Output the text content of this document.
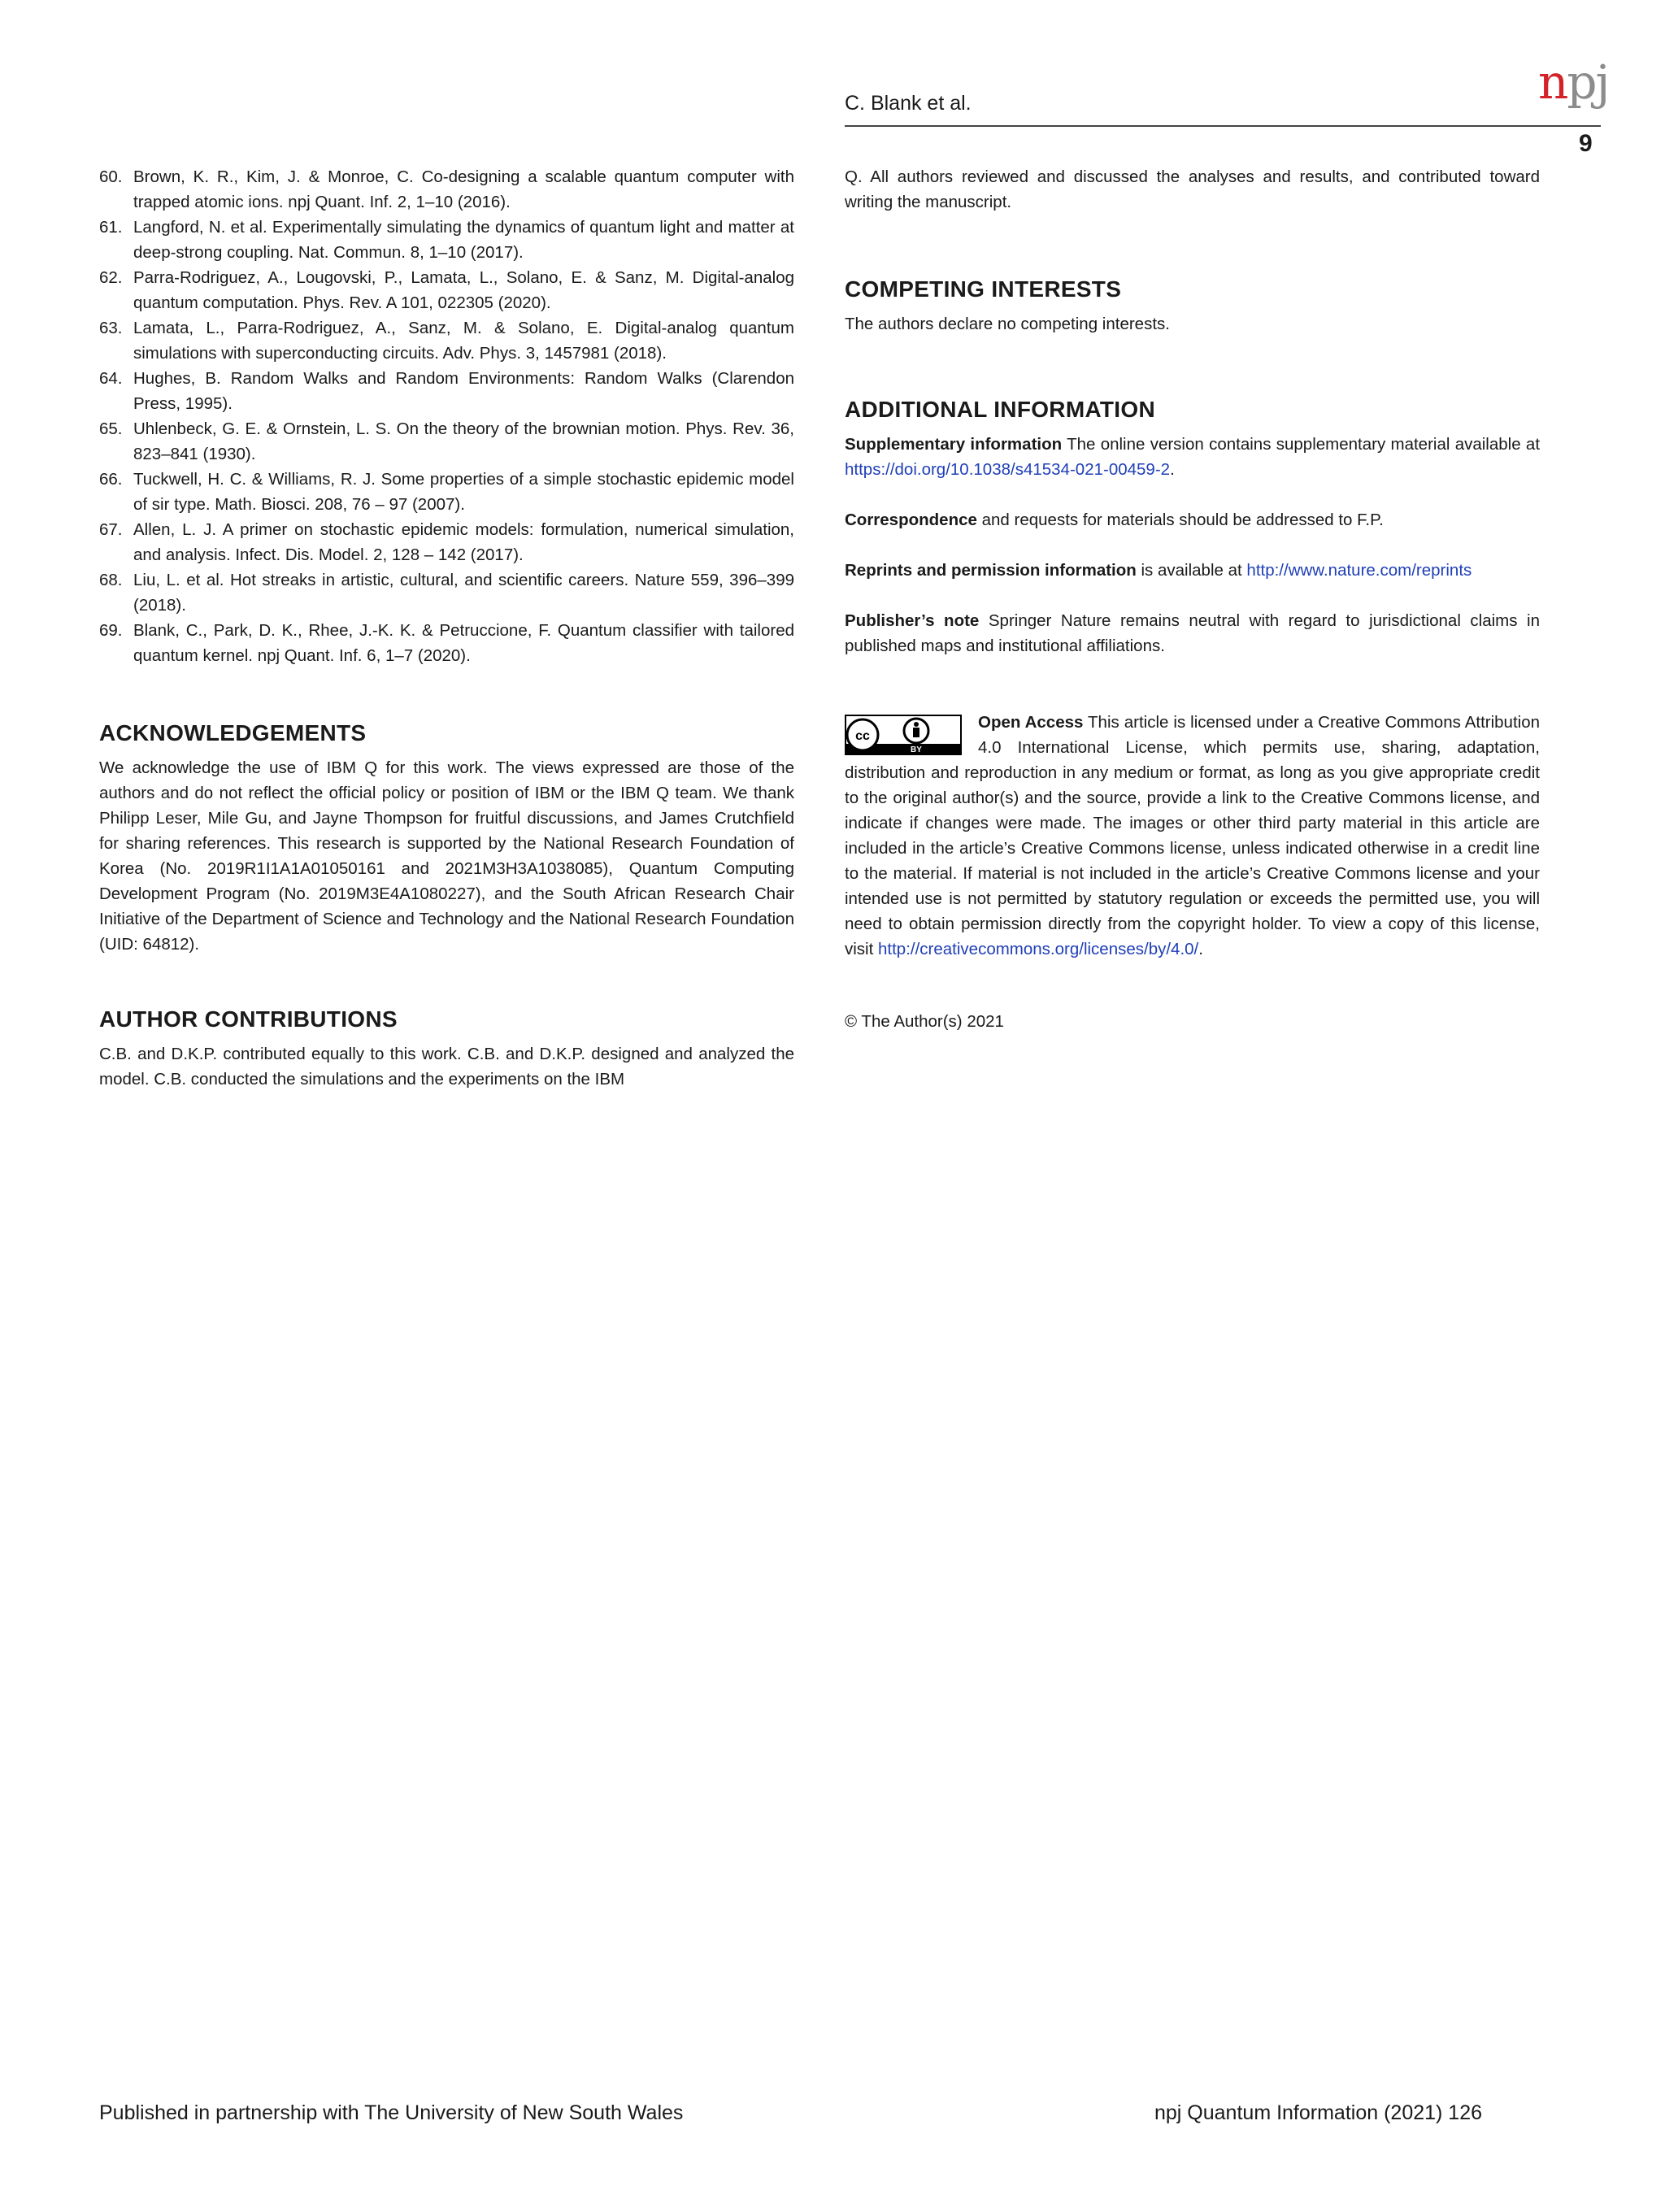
C. Blank et al.	npj
9
60. Brown, K. R., Kim, J. & Monroe, C. Co-designing a scalable quantum computer with trapped atomic ions. npj Quant. Inf. 2, 1–10 (2016).
61. Langford, N. et al. Experimentally simulating the dynamics of quantum light and matter at deep-strong coupling. Nat. Commun. 8, 1–10 (2017).
62. Parra-Rodriguez, A., Lougovski, P., Lamata, L., Solano, E. & Sanz, M. Digital-analog quantum computation. Phys. Rev. A 101, 022305 (2020).
63. Lamata, L., Parra-Rodriguez, A., Sanz, M. & Solano, E. Digital-analog quantum simulations with superconducting circuits. Adv. Phys. 3, 1457981 (2018).
64. Hughes, B. Random Walks and Random Environments: Random Walks (Clarendon Press, 1995).
65. Uhlenbeck, G. E. & Ornstein, L. S. On the theory of the brownian motion. Phys. Rev. 36, 823–841 (1930).
66. Tuckwell, H. C. & Williams, R. J. Some properties of a simple stochastic epidemic model of sir type. Math. Biosci. 208, 76 – 97 (2007).
67. Allen, L. J. A primer on stochastic epidemic models: formulation, numerical simulation, and analysis. Infect. Dis. Model. 2, 128 – 142 (2017).
68. Liu, L. et al. Hot streaks in artistic, cultural, and scientific careers. Nature 559, 396–399 (2018).
69. Blank, C., Park, D. K., Rhee, J.-K. K. & Petruccione, F. Quantum classifier with tailored quantum kernel. npj Quant. Inf. 6, 1–7 (2020).
ACKNOWLEDGEMENTS

We acknowledge the use of IBM Q for this work. The views expressed are those of the authors and do not reflect the official policy or position of IBM or the IBM Q team. We thank Philipp Leser, Mile Gu, and Jayne Thompson for fruitful discussions, and James Crutchfield for sharing references. This research is supported by the National Research Foundation of Korea (No. 2019R1I1A1A01050161 and 2021M3H3A1038085), Quantum Computing Development Program (No. 2019M3E4A1080227), and the South African Research Chair Initiative of the Department of Science and Technology and the National Research Foundation (UID: 64812).

AUTHOR CONTRIBUTIONS

C.B. and D.K.P. contributed equally to this work. C.B. and D.K.P. designed and analyzed the model. C.B. conducted the simulations and the experiments on the IBM

Q. All authors reviewed and discussed the analyses and results, and contributed toward writing the manuscript.

COMPETING INTERESTS

The authors declare no competing interests.

ADDITIONAL INFORMATION

Supplementary information The online version contains supplementary material available at https://doi.org/10.1038/s41534-021-00459-2.

Correspondence and requests for materials should be addressed to F.P.

Reprints and permission information is available at http://www.nature.com/reprints

Publisher’s note Springer Nature remains neutral with regard to jurisdictional claims in published maps and institutional affiliations.

cc
BY

Open Access This article is licensed under a Creative Commons Attribution 4.0 International License, which permits use, sharing, adaptation, distribution and reproduction in any medium or format, as long as you give appropriate credit to the original author(s) and the source, provide a link to the Creative Commons license, and indicate if changes were made. The images or other third party material in this article are included in the article’s Creative Commons license, unless indicated otherwise in a credit line to the material. If material is not included in the article’s Creative Commons license and your intended use is not permitted by statutory regulation or exceeds the permitted use, you will need to obtain permission directly from the copyright holder. To view a copy of this license, visit http://creativecommons.org/licenses/by/4.0/.

© The Author(s) 2021

Published in partnership with The University of New South Wales	npj Quantum Information (2021) 126
